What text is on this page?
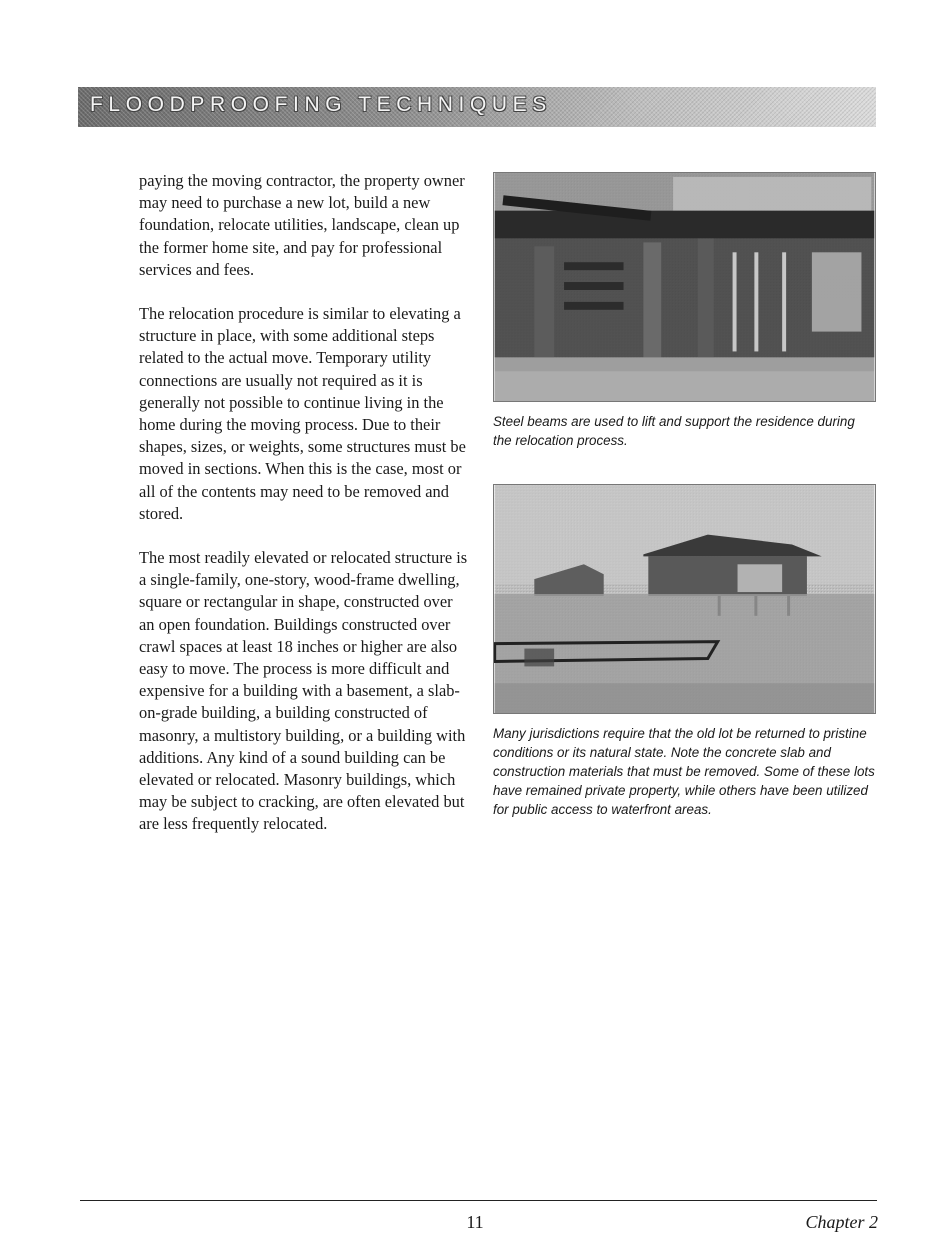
FLOODPROOFING TECHNIQUES

paying the moving contractor, the property owner may need to purchase a new lot, build a new foundation, relocate utilities, landscape, clean up the former home site, and pay for professional services and fees.

The relocation procedure is similar to elevating a structure in place, with some additional steps related to the actual move. Temporary utility connections are usually not required as it is generally not possible to continue living in the home during the moving process. Due to their shapes, sizes, or weights, some structures must be moved in sections. When this is the case, most or all of the contents may need to be removed and stored.

The most readily elevated or relocated structure is a single-family, one-story, wood-frame dwelling, square or rectangular in shape, constructed over an open foundation. Buildings constructed over crawl spaces at least 18 inches or higher are also easy to move. The process is more difficult and expensive for a building with a basement, a slab-on-grade building, a building constructed of masonry, a multistory building, or a building with additions. Any kind of a sound building can be elevated or relocated. Masonry buildings, which may be subject to cracking, are often elevated but are less frequently relocated.

Steel beams are used to lift and support the residence during the relocation process.
Many jurisdictions require that the old lot be returned to pristine conditions or its natural state. Note the concrete slab and construction materials that must be removed. Some of these lots have remained private property, while others have been utilized for public access to waterfront areas.
11	Chapter 2
